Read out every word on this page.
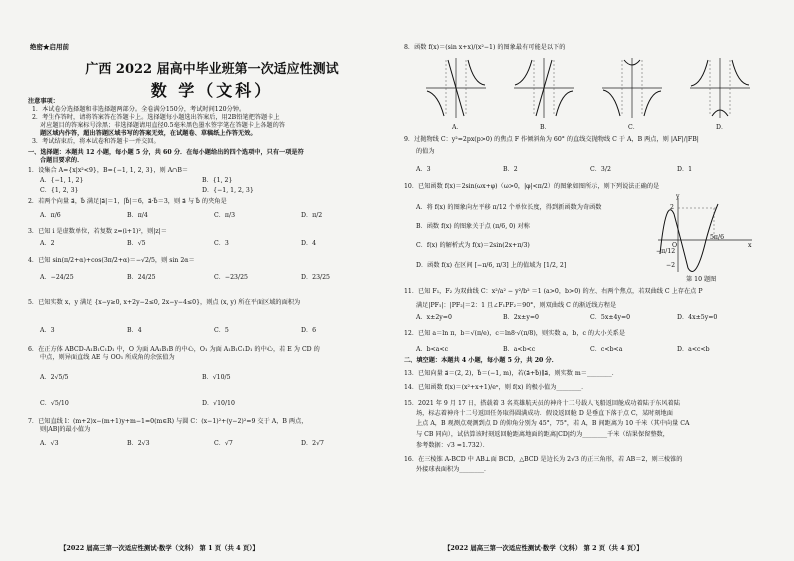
绝密★启用前
广西 2022 届高中毕业班第一次适应性测试
数 学（文科）
注意事项：
1．本试卷分选择题和非选择题两部分。全卷满分150分，考试时间120分钟。
2．考生作答时，请将答案答在答题卡上。选择题每小题选出答案后，用2B铅笔把答题卡上
对应题目的答案标号涂黑；非选择题请用直径0.5毫米黑色墨水签字笔在答题卡上各题的答
题区域内作答，超出答题区域书写的答案无效，在试题卷、草稿纸上作答无效。
3．考试结束后，将本试卷和答题卡一并交回。
一、选择题：本题共 12 小题，每小题 5 分，共 60 分．在每小题给出的四个选项中，只有一项是符
合题目要求的．
1．设集合 A={x|x²<9}，B={−1, 1, 2, 3}，则 A∩B＝
A．{−1, 1, 2}	B．{1, 2}
C．{1, 2, 3}	D．{−1, 1, 2, 3}
2．若两个向量 a⃗，b⃗ 满足|a⃗|＝1，|b⃗|＝6，a⃗·b⃗＝3，则 a⃗ 与 b⃗ 的夹角是
A．π/6	B．π/4	C．π/3	D．π/2
3．已知 i 是虚数单位，若复数 z=(i+1)²，则|z|＝
A．2	B．√5	C．3	D．4
4．已知 sin(π/2+α)+cos(3π/2+α)＝−√2/5，则 sin 2α＝
A．−24/25	B．24/25	C．−23/25	D．23/25
5．已知实数 x，y 满足 {x−y≥0, x+2y−2≤0, 2x−y−4≤0}，则点 (x, y) 所在平面区域的面积为
A．3	B．4	C．5	D．6
6．在正方体 ABCD-A₁B₁C₁D₁ 中，O 为面 AA₁B₁B 的中心，O₁ 为面 A₁B₁C₁D₁ 的中心，若 E 为 CD 的
中点，则异面直线 AE 与 OO₁ 所成角的余弦值为
A．2√5/5	B．√10/5
C．√5/10	D．√10/10
7．已知直线 l：(m+2)x−(m+1)y+m−1=0(m∈R) 与圆 C：(x−1)²+(y−2)²=9 交于 A，B 两点，
则|AB|的最小值为
A．√3	B．2√3	C．√7	D．2√7
【2022 届高三第一次适应性测试·数学（文科） 第 1 页（共 4 页）】
8．函数 f(x)＝(sin x+x)/(x²−1) 的图象最有可能是以下的
A．	B．	C．	D．
9．过抛物线 C：y²=2px(p>0) 的焦点 F 作倾斜角为 60° 的直线交抛物线 C 于 A，B 两点，则 |AF|/|FB|
的值为
A．3	B．2	C．3/2	D．1
10．已知函数 f(x)＝2sin(ωx+φ)（ω>0，|φ|<π/2）的图象如图所示，则下列说法正确的是
A．将 f(x) 的图象向左平移 π/12 个单位长度，得到新函数为奇函数
B．函数 f(x) 的图象关于点 (π/6, 0) 对称
C．f(x) 的解析式为 f(x)＝2sin(2x+π/3)
D．函数 f(x) 在区间 [−π/6, π/3] 上的值域为 [1/2, 2]
y
x
O
2
−2
−π/12
5π/6
第 10 题图
11．已知 F₁，F₂ 为双曲线 C：x²/a² − y²/b² ＝1 (a>0，b>0) 的左、右两个焦点，若双曲线 C 上存在点 P
满足|PF₁|：|PF₂|＝2：1 且∠F₁PF₂＝90°，则双曲线 C 的渐近线方程是
A．x±2y=0	B．2x±y=0	C．5x±4y=0	D．4x±5y=0
12．已知 a＝ln π，b＝√(π/e)，c＝ln8·√(π/8)，则实数 a，b，c 的大小关系是
A．b<a<c	B．a<b<c	C．c<b<a	D．a<c<b
二、填空题：本题共 4 小题，每小题 5 分，共 20 分．
13．已知向量 a⃗＝(2, 2)，b⃗＝(−1, m)，若(a⃗+b⃗)∥a⃗，则实数 m＝________．
14．已知函数 f(x)＝(x²+x+1)/eˣ，则 f(x) 的极小值为________．
15．2021 年 9 月 17 日，搭载着 3 名英雄航天员的神舟十二号载人飞船返回舱成功着陆于东风着陆
场，标志着神舟十二号返回任务取得圆满成功．假设返回舱 D 是垂直下落于点 C，某时刻地面
上点 A，B 观测点观测到点 D 的仰角分别为 45°，75°，若 A，B 间距离为 10 千米（其中向量 CA
与 CB 同向），试估算该时刻返回舱距离地面的距离|CD|约为________千米（结果保留整数，
参考数据：√3 ≈1.732）．
16．在三棱锥 A-BCD 中 AB⊥面 BCD，△BCD 是边长为 2√3 的正三角形，若 AB＝2，则三棱锥的
外接球表面积为________．
【2022 届高三第一次适应性测试·数学（文科） 第 2 页（共 4 页）】
